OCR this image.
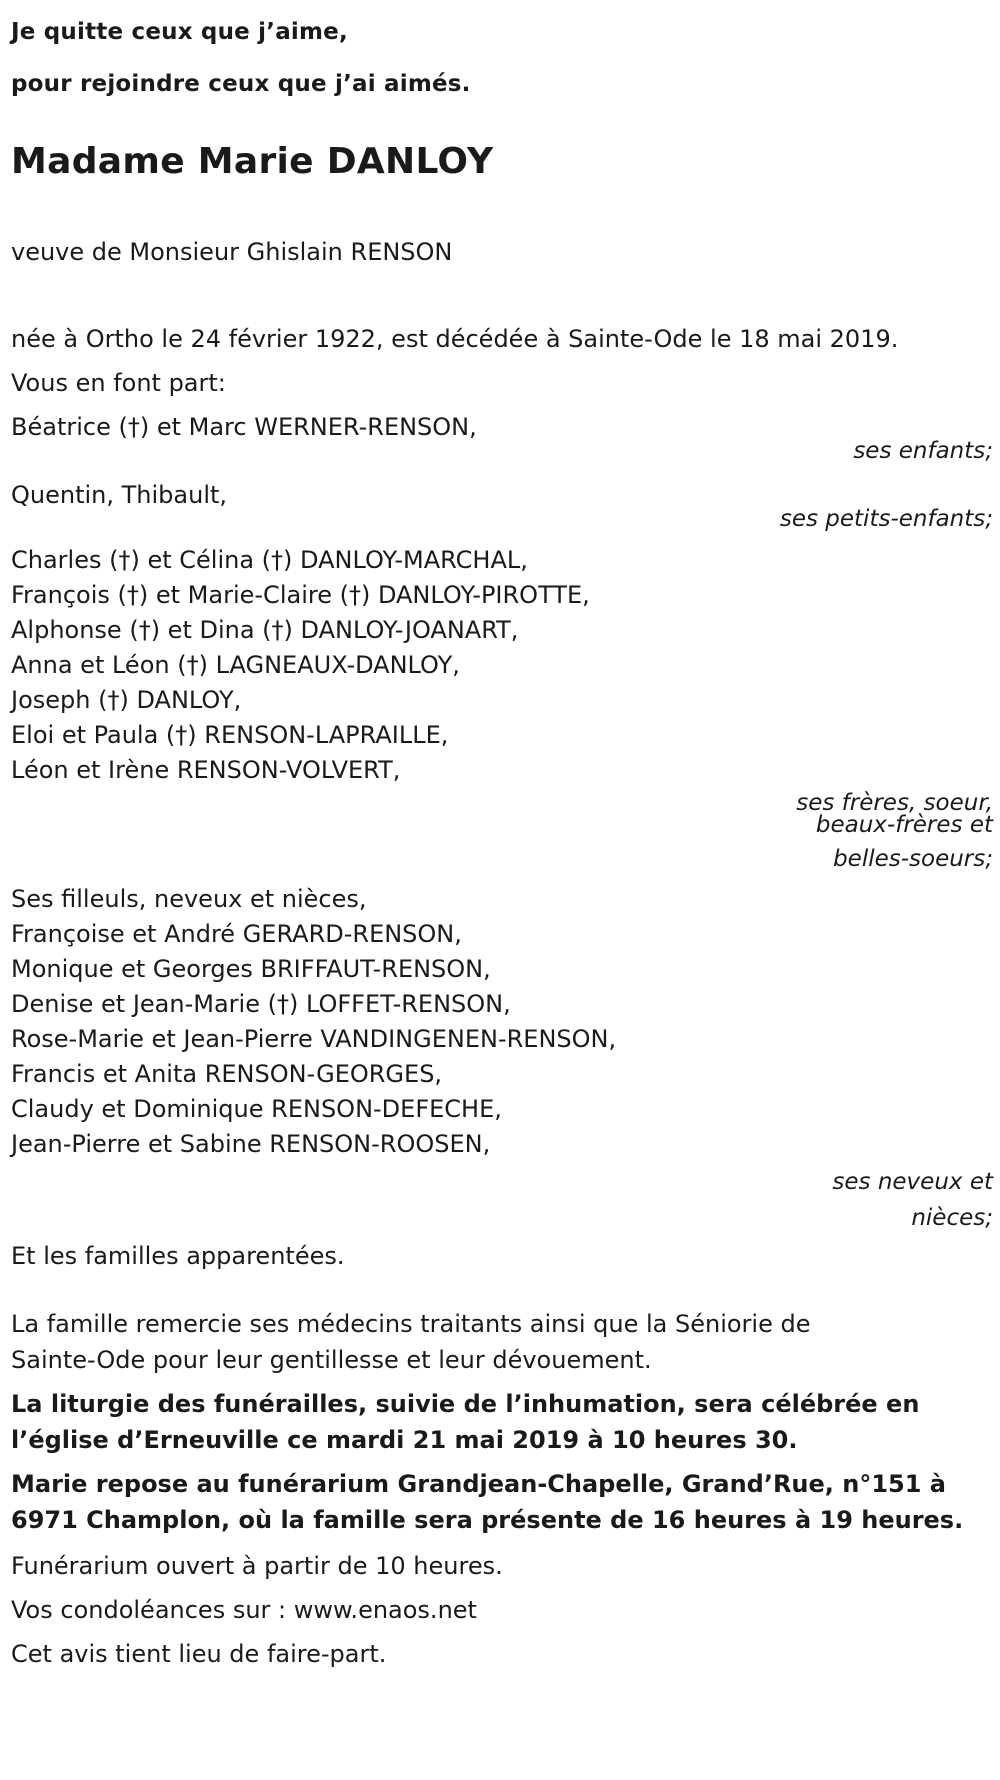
Je quitte ceux que j’aime,

pour rejoindre ceux que j’ai aimés.

Madame Marie DANLOY

veuve de Monsieur Ghislain RENSON

née à Ortho le 24 février 1922, est décédée à Sainte-Ode le 18 mai 2019.

Vous en font part:

Béatrice (†) et Marc WERNER-RENSON,

ses enfants;

Quentin, Thibault,

ses petits-enfants;

Charles (†) et Célina (†) DANLOY-MARCHAL,

François (†) et Marie-Claire (†) DANLOY-PIROTTE,

Alphonse (†) et Dina (†) DANLOY-JOANART,

Anna et Léon (†) LAGNEAUX-DANLOY,

Joseph (†) DANLOY,

Eloi et Paula (†) RENSON-LAPRAILLE,

Léon et Irène RENSON-VOLVERT,

ses frères, soeur,

beaux-frères et

belles-soeurs;

Ses filleuls, neveux et nièces,

Françoise et André GERARD-RENSON,

Monique et Georges BRIFFAUT-RENSON,

Denise et Jean-Marie (†) LOFFET-RENSON,

Rose-Marie et Jean-Pierre VANDINGENEN-RENSON,

Francis et Anita RENSON-GEORGES,

Claudy et Dominique RENSON-DEFECHE,

Jean-Pierre et Sabine RENSON-ROOSEN,

ses neveux et

nièces;

Et les familles apparentées.

La famille remercie ses médecins traitants ainsi que la Séniorie de

Sainte-Ode pour leur gentillesse et leur dévouement.

La liturgie des funérailles, suivie de l’inhumation, sera célébrée en

l’église d’Erneuville ce mardi 21 mai 2019 à 10 heures 30.

Marie repose au funérarium Grandjean-Chapelle, Grand’Rue, n°151 à

6971 Champlon, où la famille sera présente de 16 heures à 19 heures.

Funérarium ouvert à partir de 10 heures.

Vos condoléances sur : www.enaos.net

Cet avis tient lieu de faire-part.
